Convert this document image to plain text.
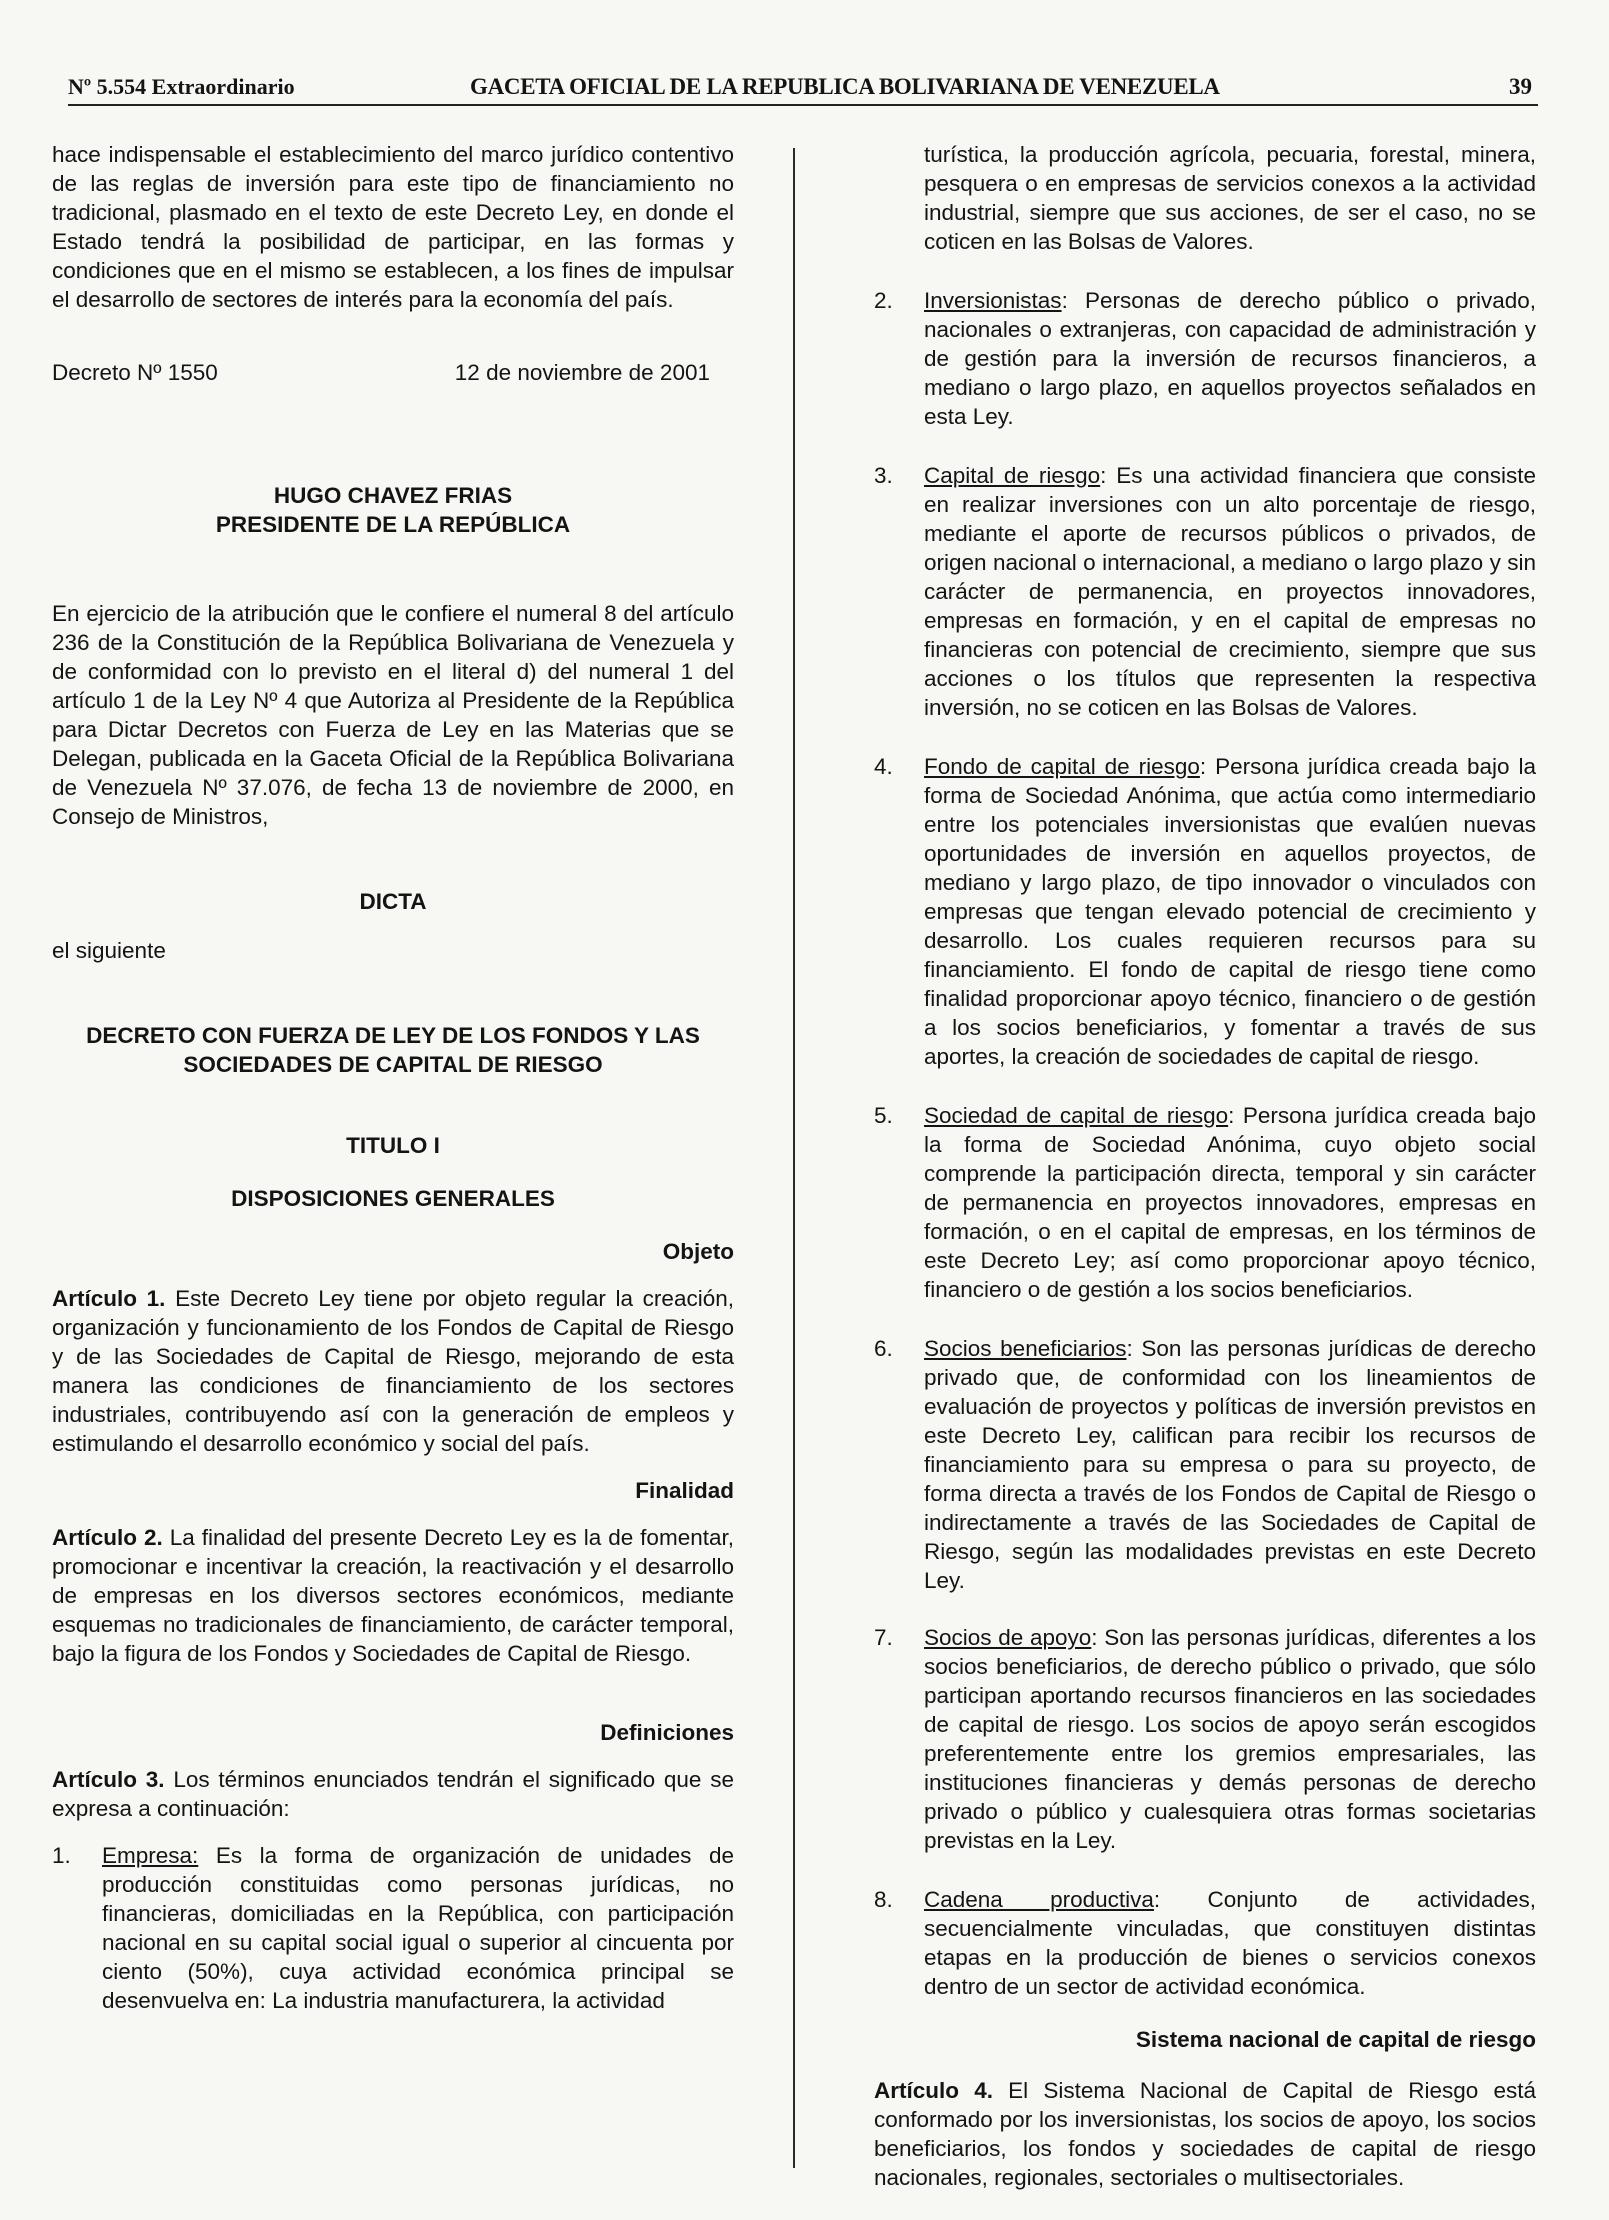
Nº 5.554 Extraordinario	GACETA OFICIAL DE LA REPUBLICA BOLIVARIANA DE VENEZUELA	39

hace indispensable el establecimiento del marco jurídico contentivo de las reglas de inversión para este tipo de financiamiento no tradicional, plasmado en el texto de este Decreto Ley, en donde el Estado tendrá la posibilidad de participar, en las formas y condiciones que en el mismo se establecen, a los fines de impulsar el desarrollo de sectores de interés para la economía del país.

Decreto Nº 1550	12 de noviembre de 2001
HUGO CHAVEZ FRIAS
PRESIDENTE DE LA REPÚBLICA

En ejercicio de la atribución que le confiere el numeral 8 del artículo 236 de la Constitución de la República Bolivariana de Venezuela y de conformidad con lo previsto en el literal d) del numeral 1 del artículo 1 de la Ley Nº 4 que Autoriza al Presidente de la República para Dictar Decretos con Fuerza de Ley en las Materias que se Delegan, publicada en la Gaceta Oficial de la República Bolivariana de Venezuela Nº 37.076, de fecha 13 de noviembre de 2000, en Consejo de Ministros,

DICTA
el siguiente
DECRETO CON FUERZA DE LEY DE LOS FONDOS Y LAS
SOCIEDADES DE CAPITAL DE RIESGO
TITULO I
DISPOSICIONES GENERALES
Objeto

Artículo 1. Este Decreto Ley tiene por objeto regular la creación, organización y funcionamiento de los Fondos de Capital de Riesgo y de las Sociedades de Capital de Riesgo, mejorando de esta manera las condiciones de financiamiento de los sectores industriales, contribuyendo así con la generación de empleos y estimulando el desarrollo económico y social del país.

Finalidad

Artículo 2. La finalidad del presente Decreto Ley es la de fomentar, promocionar e incentivar la creación, la reactivación y el desarrollo de empresas en los diversos sectores económicos, mediante esquemas no tradicionales de financiamiento, de carácter temporal, bajo la figura de los Fondos y Sociedades de Capital de Riesgo.

Definiciones

Artículo 3. Los términos enunciados tendrán el significado que se expresa a continuación:

1.	Empresa: Es la forma de organización de unidades de producción constituidas como personas jurídicas, no financieras, domiciliadas en la República, con participación nacional en su capital social igual o superior al cincuenta por ciento (50%), cuya actividad económica principal se desenvuelva en: La industria manufacturera, la actividad

turística, la producción agrícola, pecuaria, forestal, minera, pesquera o en empresas de servicios conexos a la actividad industrial, siempre que sus acciones, de ser el caso, no se coticen en las Bolsas de Valores.

2.	Inversionistas: Personas de derecho público o privado, nacionales o extranjeras, con capacidad de administración y de gestión para la inversión de recursos financieros, a mediano o largo plazo, en aquellos proyectos señalados en esta Ley.

3.	Capital de riesgo: Es una actividad financiera que consiste en realizar inversiones con un alto porcentaje de riesgo, mediante el aporte de recursos públicos o privados, de origen nacional o internacional, a mediano o largo plazo y sin carácter de permanencia, en proyectos innovadores, empresas en formación, y en el capital de empresas no financieras con potencial de crecimiento, siempre que sus acciones o los títulos que representen la respectiva inversión, no se coticen en las Bolsas de Valores.

4.	Fondo de capital de riesgo: Persona jurídica creada bajo la forma de Sociedad Anónima, que actúa como intermediario entre los potenciales inversionistas que evalúen nuevas oportunidades de inversión en aquellos proyectos, de mediano y largo plazo, de tipo innovador o vinculados con empresas que tengan elevado potencial de crecimiento y desarrollo. Los cuales requieren recursos para su financiamiento. El fondo de capital de riesgo tiene como finalidad proporcionar apoyo técnico, financiero o de gestión a los socios beneficiarios, y fomentar a través de sus aportes, la creación de sociedades de capital de riesgo.

5.	Sociedad de capital de riesgo: Persona jurídica creada bajo la forma de Sociedad Anónima, cuyo objeto social comprende la participación directa, temporal y sin carácter de permanencia en proyectos innovadores, empresas en formación, o en el capital de empresas, en los términos de este Decreto Ley; así como proporcionar apoyo técnico, financiero o de gestión a los socios beneficiarios.

6.	Socios beneficiarios: Son las personas jurídicas de derecho privado que, de conformidad con los lineamientos de evaluación de proyectos y políticas de inversión previstos en este Decreto Ley, califican para recibir los recursos de financiamiento para su empresa o para su proyecto, de forma directa a través de los Fondos de Capital de Riesgo o indirectamente a través de las Sociedades de Capital de Riesgo, según las modalidades previstas en este Decreto Ley.

7.	Socios de apoyo: Son las personas jurídicas, diferentes a los socios beneficiarios, de derecho público o privado, que sólo participan aportando recursos financieros en las sociedades de capital de riesgo. Los socios de apoyo serán escogidos preferentemente entre los gremios empresariales, las instituciones financieras y demás personas de derecho privado o público y cualesquiera otras formas societarias previstas en la Ley.

8.	Cadena productiva: Conjunto de actividades, secuencialmente vinculadas, que constituyen distintas etapas en la producción de bienes o servicios conexos dentro de un sector de actividad económica.

Sistema nacional de capital de riesgo

Artículo 4. El Sistema Nacional de Capital de Riesgo está conformado por los inversionistas, los socios de apoyo, los socios beneficiarios, los fondos y sociedades de capital de riesgo nacionales, regionales, sectoriales o multisectoriales.
